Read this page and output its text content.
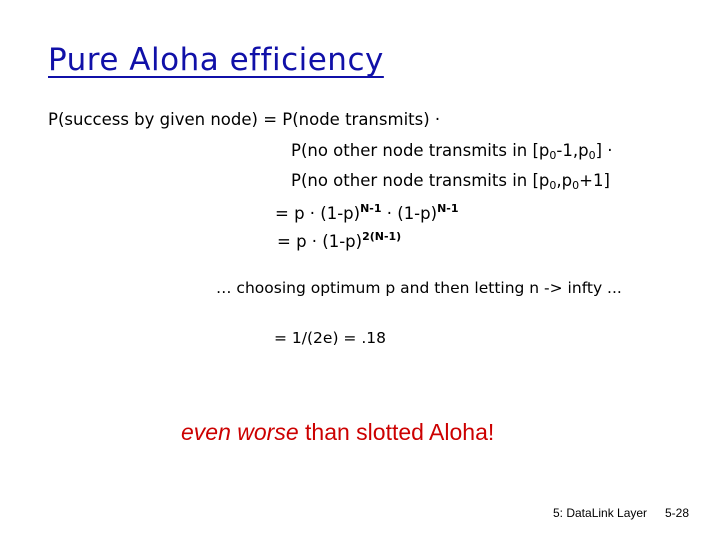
Pure Aloha efficiency
P(success by given node) = P(node transmits) ·
P(no other node transmits in $[p_0-1,p_0]$ ·
P(no other node transmits in $[p_0,p_0+1]$
= $p \cdot (1-p)^{N-1} \cdot (1-p)^{N-1}$
= $p \cdot (1-p)^{2(N-1)}$
… choosing optimum p and then letting n -> infty ...
= 1/(2e) = .18
even worse than slotted Aloha!
5: DataLink Layer 5-28
